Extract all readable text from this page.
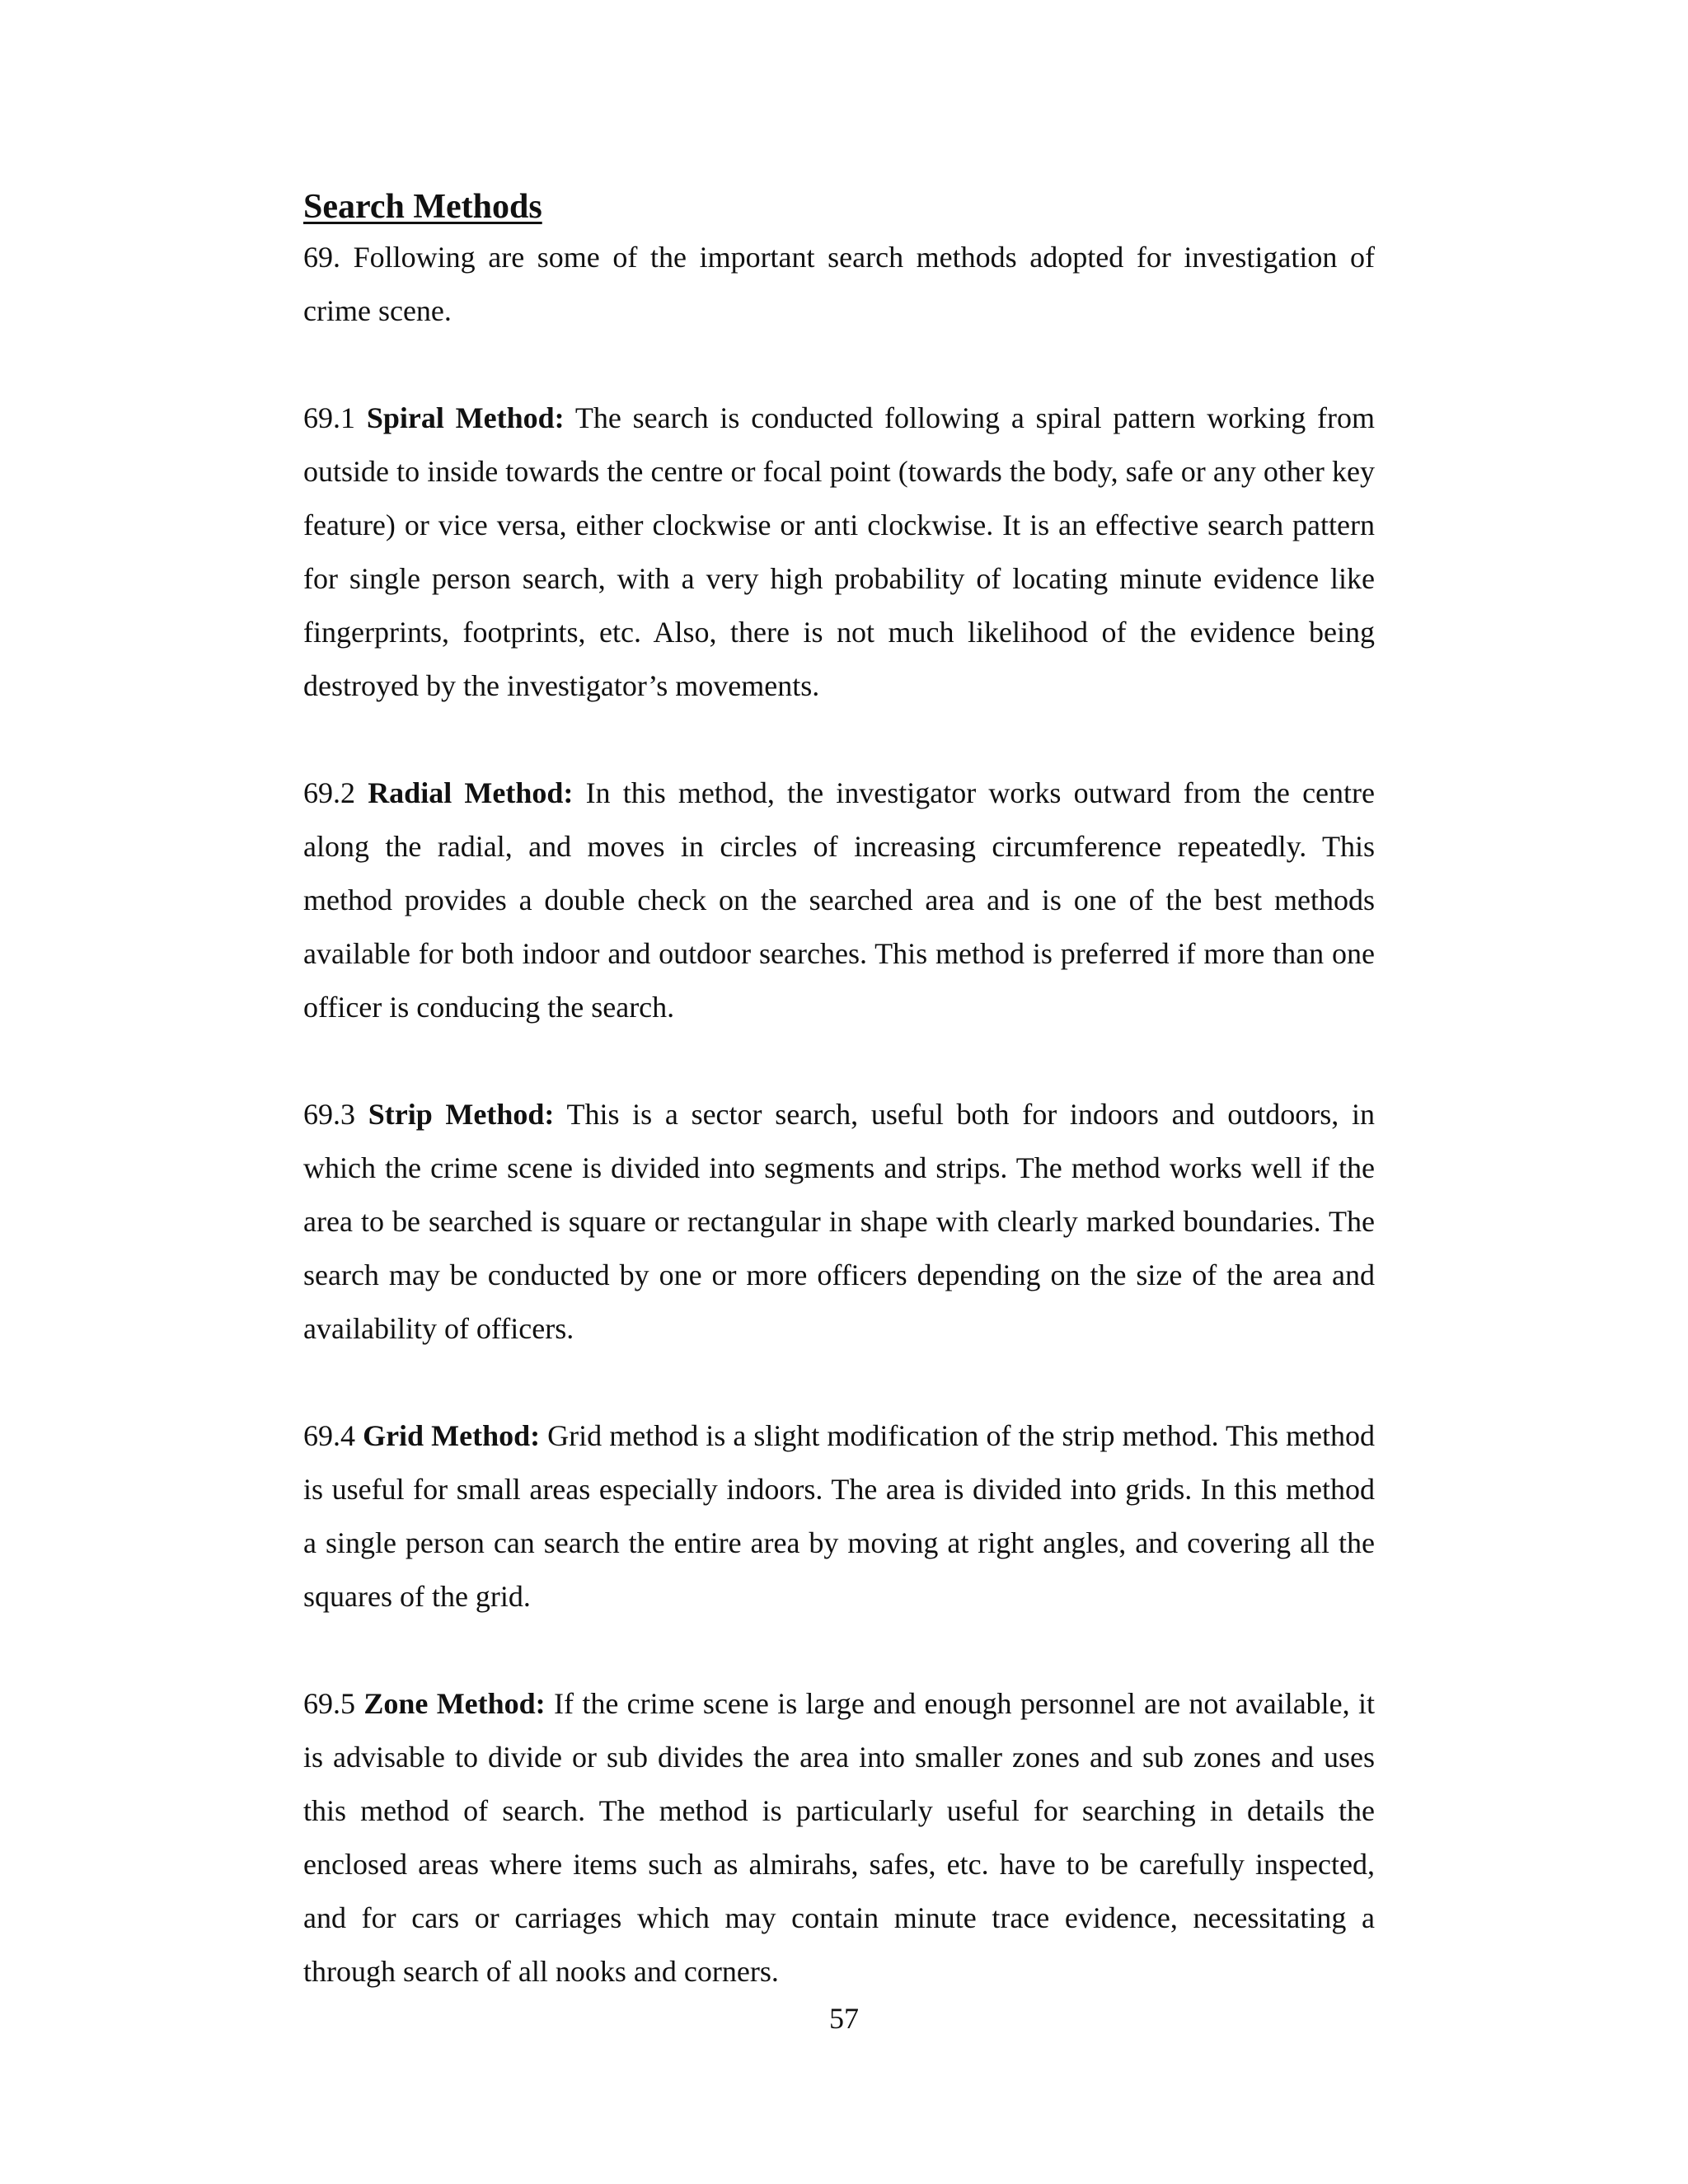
Search Methods

69. Following are some of the important search methods adopted for investigation of crime scene.

69.1 Spiral Method: The search is conducted following a spiral pattern working from outside to inside towards the centre or focal point (towards the body, safe or any other key feature) or vice versa, either clockwise or anti clockwise. It is an effective search pattern for single person search, with a very high probability of locating minute evidence like fingerprints, footprints, etc. Also, there is not much likelihood of the evidence being destroyed by the investigator’s movements.

69.2 Radial Method: In this method, the investigator works outward from the centre along the radial, and moves in circles of increasing circumference repeatedly. This method provides a double check on the searched area and is one of the best methods available for both indoor and outdoor searches. This method is preferred if more than one officer is conducing the search.

69.3 Strip Method: This is a sector search, useful both for indoors and outdoors, in which the crime scene is divided into segments and strips. The method works well if the area to be searched is square or rectangular in shape with clearly marked boundaries. The search may be conducted by one or more officers depending on the size of the area and availability of officers.

69.4 Grid Method: Grid method is a slight modification of the strip method. This method is useful for small areas especially indoors. The area is divided into grids. In this method a single person can search the entire area by moving at right angles, and covering all the squares of the grid.

69.5 Zone Method: If the crime scene is large and enough personnel are not available, it is advisable to divide or sub divides the area into smaller zones and sub zones and uses this method of search. The method is particularly useful for searching in details the enclosed areas where items such as almirahs, safes, etc. have to be carefully inspected, and for cars or carriages which may contain minute trace evidence, necessitating a through search of all nooks and corners.

57
